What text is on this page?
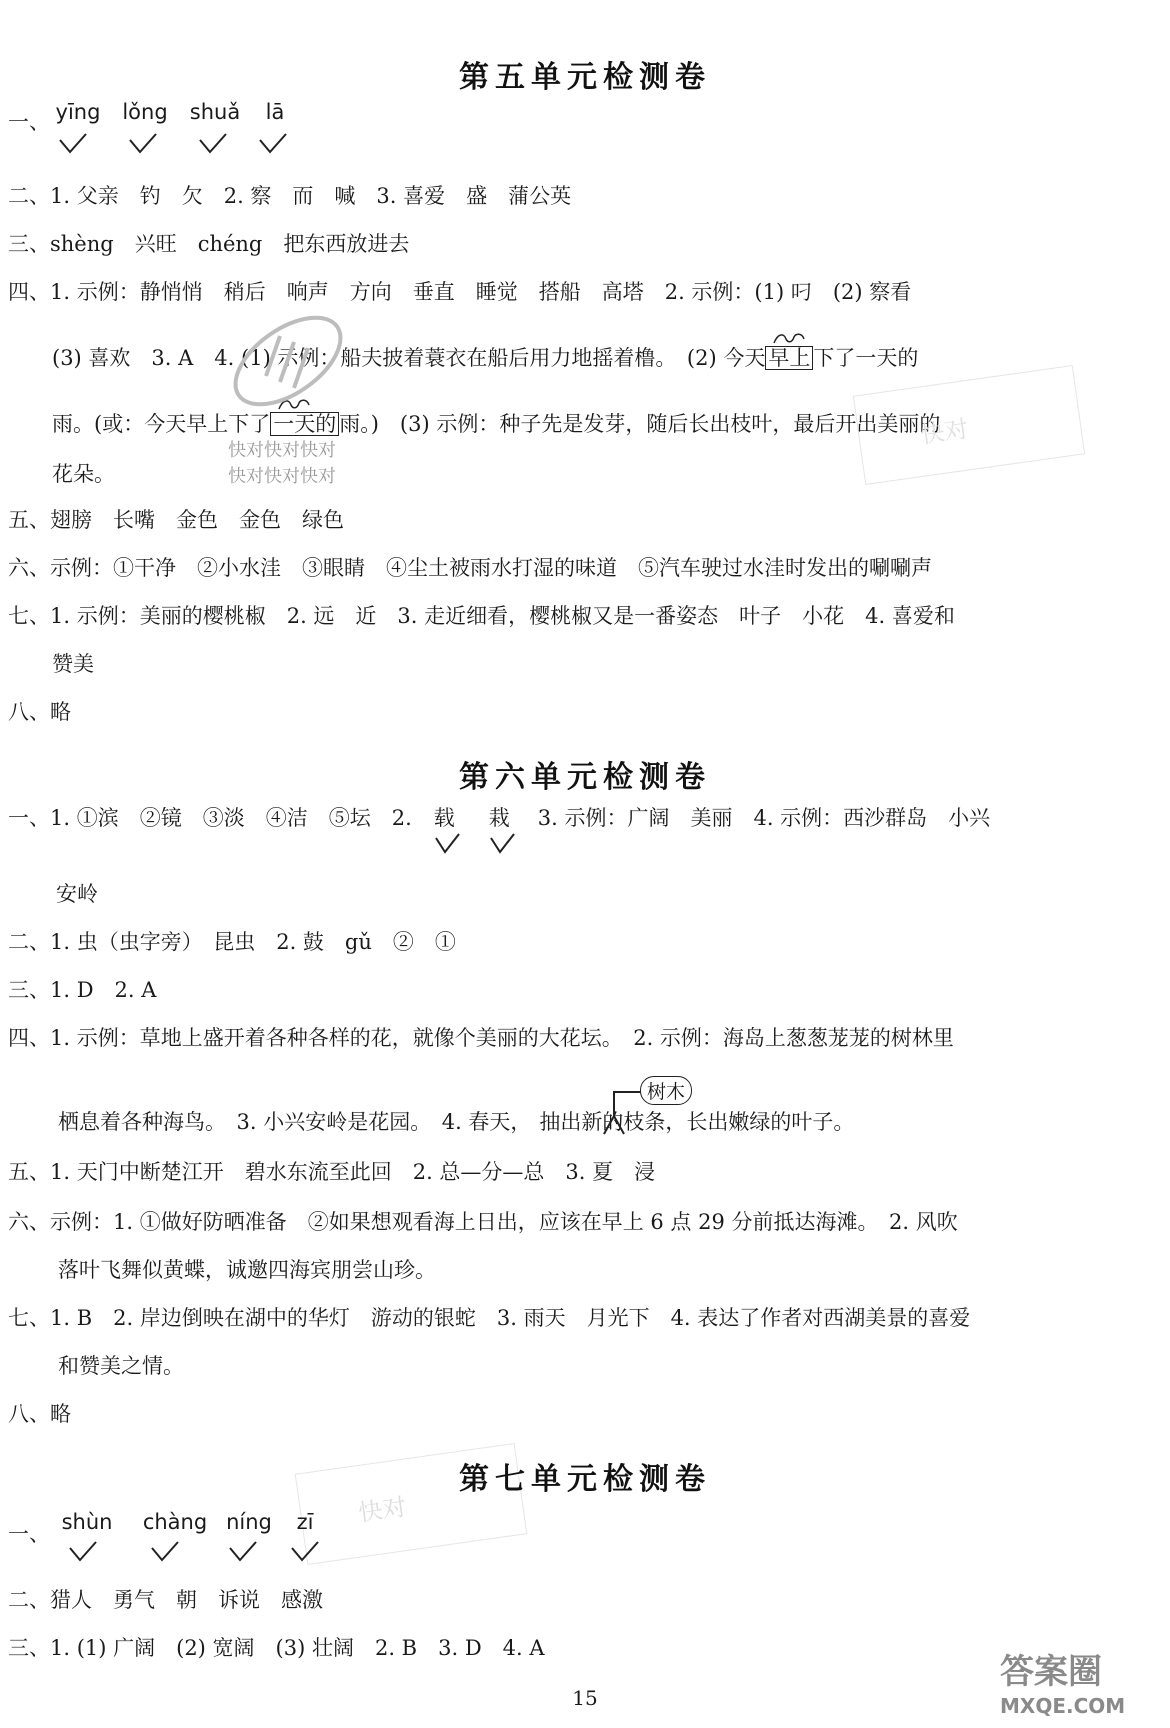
第五单元检测卷
一、 yīng	lǒng	shuǎ	lā
二、1. 父亲　钓　欠　2. 察　而　喊　3. 喜爱　盛　蒲公英
三、shèng　兴旺　chéng　把东西放进去
四、1. 示例：静悄悄　稍后　响声　方向　垂直　睡觉　搭船　高塔　2. 示例：(1) 叼　(2) 察看
(3) 喜欢　3. A　4. (1) 示例：船夫披着蓑衣在船后用力地摇着橹。　(2) 今天 早上 下了一天的
雨。(或：今天早上下了 一天的 雨。)　(3) 示例：种子先是发芽，随后长出枝叶，最后开出美丽的
快对快对快对
快对快对快对
花朵。
五、翅膀　长嘴　金色　金色　绿色
六、示例：①干净　②小水洼　③眼睛　④尘土被雨水打湿的味道　⑤汽车驶过水洼时发出的唰唰声
七、1. 示例：美丽的樱桃椒　2. 远　近　3. 走近细看，樱桃椒又是一番姿态　叶子　小花　4. 喜爱和
赞美
八、略
第六单元检测卷
一、1. ①滨　②镜　③淡　④洁　⑤坛　2. 载 栽 3. 示例：广阔　美丽　4. 示例：西沙群岛　小兴
安岭
二、1. 虫（虫字旁）　昆虫　2. 鼓　gǔ　②　①
三、1. D　2. A
四、1. 示例：草地上盛开着各种各样的花，就像个美丽的大花坛。　2. 示例：海岛上葱葱茏茏的树林里
栖息着各种海鸟。　3. 小兴安岭是花园。　4. 春天， 抽出新的枝条，长出嫩绿的叶子。
树木
五、1. 天门中断楚江开　碧水东流至此回　2. 总—分—总　3. 夏　浸
六、示例：1. ①做好防晒准备　②如果想观看海上日出，应该在早上 6 点 29 分前抵达海滩。　2. 风吹
落叶飞舞似黄蝶，诚邀四海宾朋尝山珍。
七、1. B　2. 岸边倒映在湖中的华灯　游动的银蛇　3. 雨天　月光下　4. 表达了作者对西湖美景的喜爱
和赞美之情。
八、略
快对
快对
第七单元检测卷
一、 shùn	chàng níng	zī
二、猎人　勇气　朝　诉说　感激
三、1. (1) 广阔　(2) 宽阔　(3) 壮阔　2. B　3. D　4. A
15
答案圈
MXQE.COM
